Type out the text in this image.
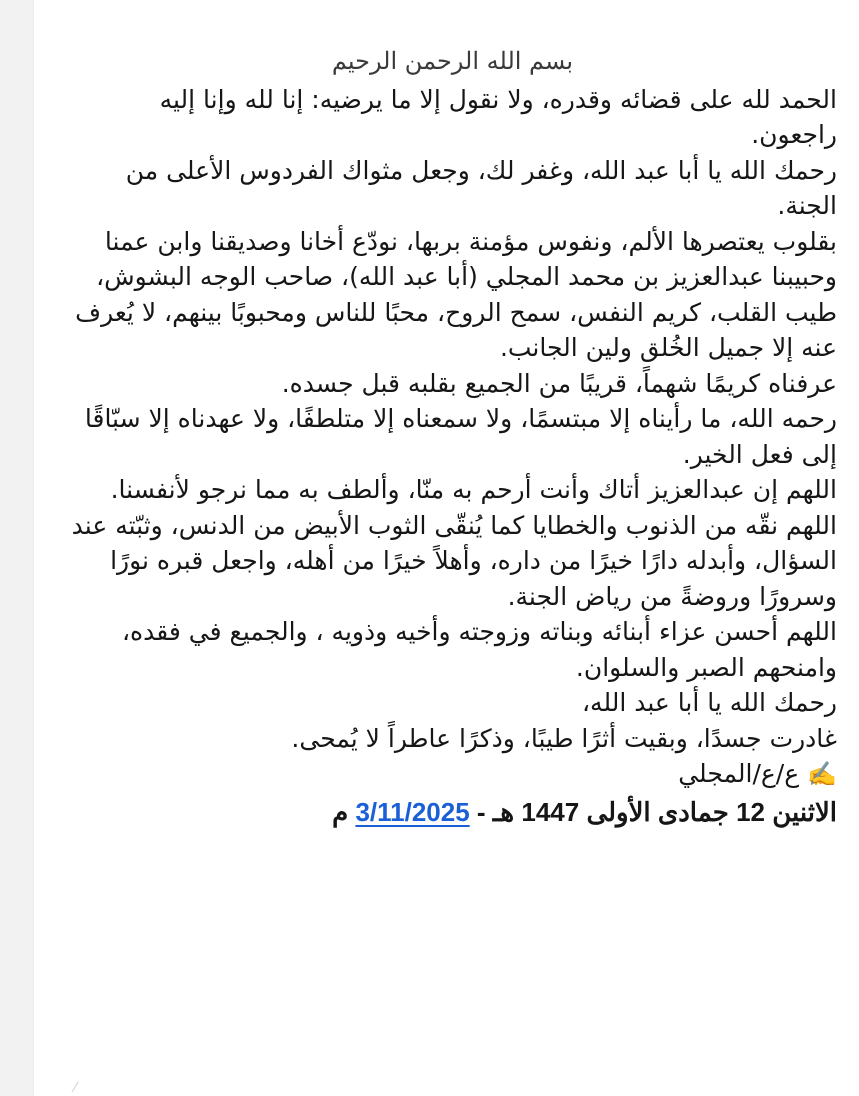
بسم الله الرحمن الرحيم

الحمد لله على قضائه وقدره، ولا نقول إلا ما يرضيه: إنا لله وإنا إليه راجعون.

رحمك الله يا أبا عبد الله، وغفر لك، وجعل مثواك الفردوس الأعلى من الجنة.

بقلوب يعتصرها الألم، ونفوس مؤمنة بربها، نودّع أخانا وصديقنا وابن عمنا وحبيبنا عبدالعزيز بن محمد المجلي (أبا عبد الله)، صاحب الوجه البشوش، طيب القلب، كريم النفس، سمح الروح، محبًا للناس ومحبوبًا بينهم، لا يُعرف عنه إلا جميل الخُلق ولين الجانب.

عرفناه كريمًا شهماً، قريبًا من الجميع بقلبه قبل جسده.

رحمه الله، ما رأيناه إلا مبتسمًا، ولا سمعناه إلا متلطفًا، ولا عهدناه إلا سبّاقًا إلى فعل الخير.

اللهم إن عبدالعزيز أتاك وأنت أرحم به منّا، وألطف به مما نرجو لأنفسنا.

اللهم نقّه من الذنوب والخطايا كما يُنقّى الثوب الأبيض من الدنس، وثبّته عند السؤال، وأبدله دارًا خيرًا من داره، وأهلاً خيرًا من أهله، واجعل قبره نورًا وسرورًا وروضةً من رياض الجنة.

اللهم أحسن عزاء أبنائه وبناته وزوجته وأخيه وذويه ، والجميع في فقده، وامنحهم الصبر والسلوان.

رحمك الله يا أبا عبد الله،

غادرت جسدًا، وبقيت أثرًا طيبًا، وذكرًا عاطراً لا يُمحى.

✍️ ع/ع/المجلي

الاثنين 12 جمادى الأولى 1447 هـ - 3/11/2025 م

⁄
